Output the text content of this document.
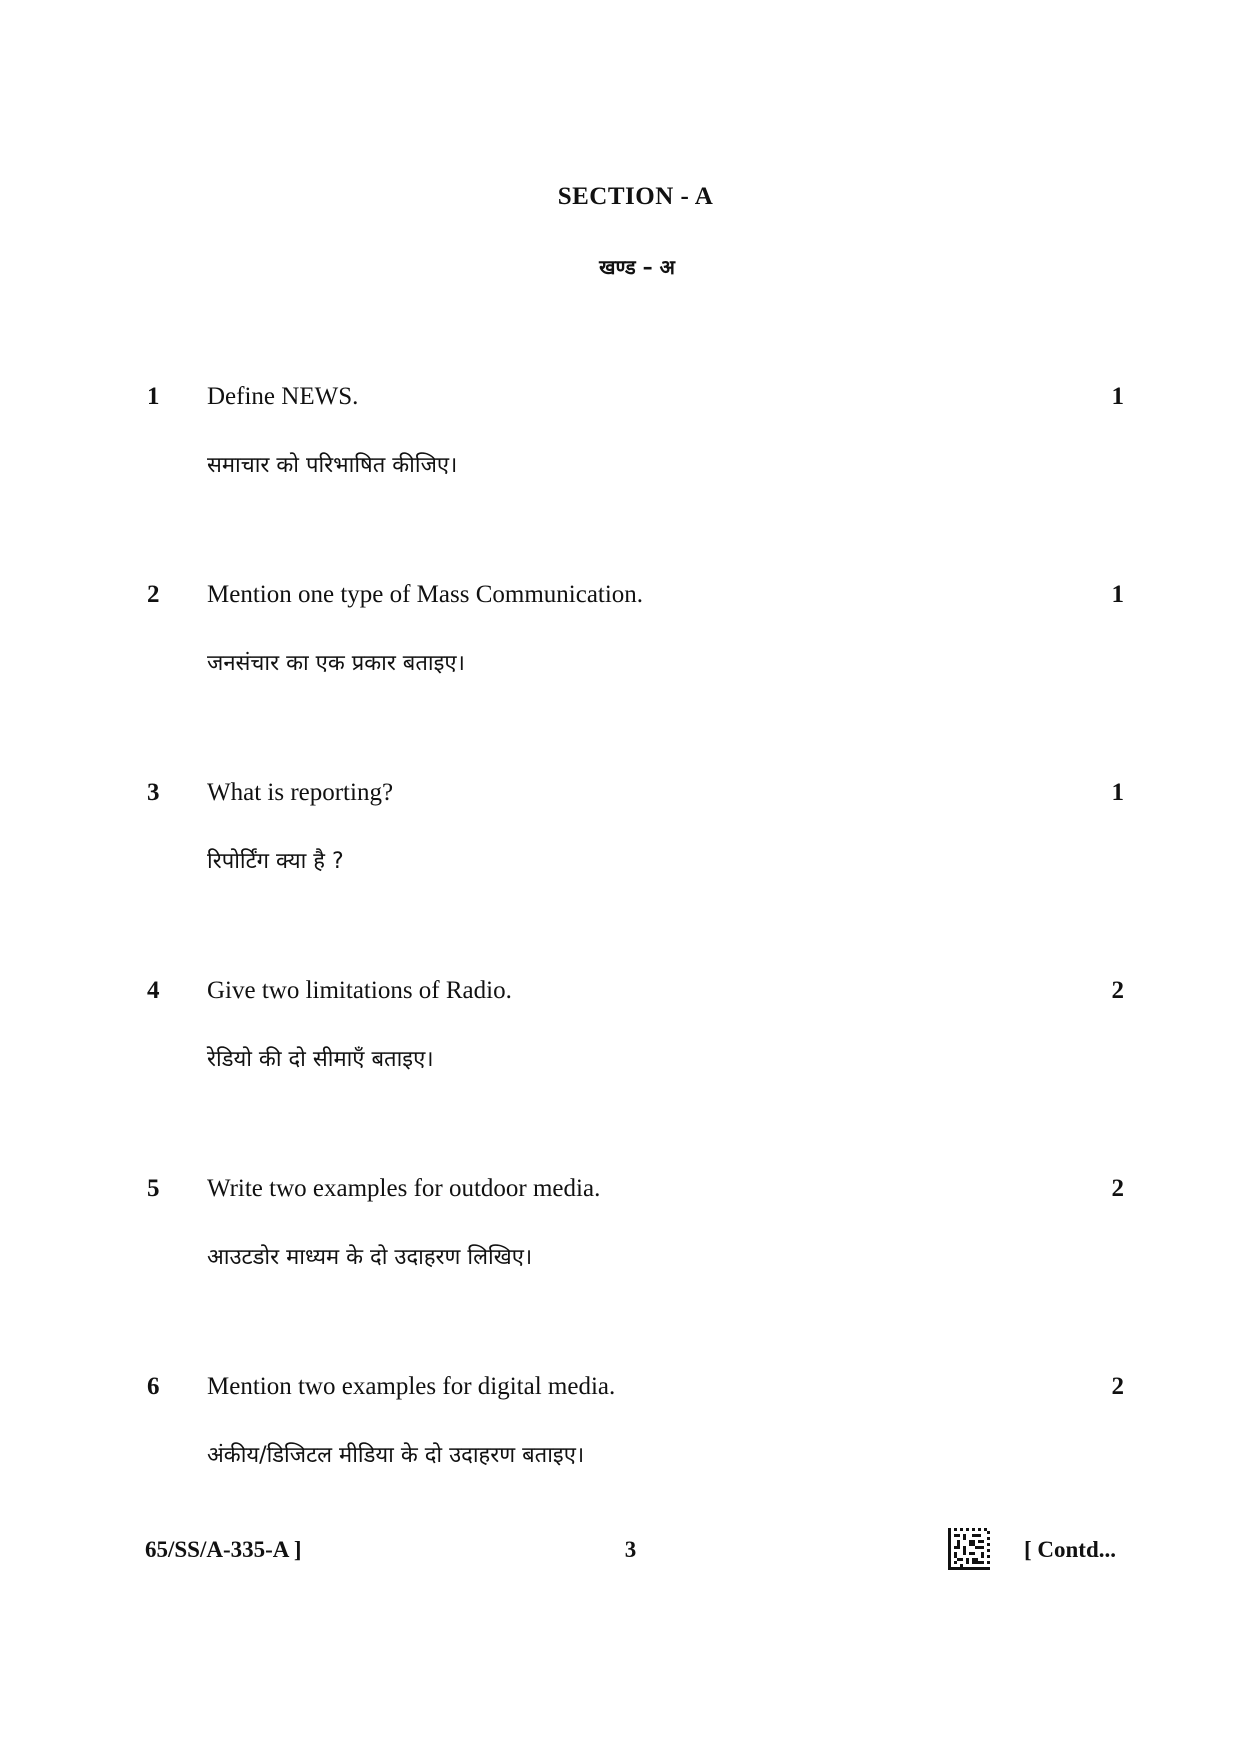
SECTION - A
खण्ड – अ
1 Define NEWS.	1
समाचार को परिभाषित कीजिए।
2 Mention one type of Mass Communication.	1
जनसंचार का एक प्रकार बताइए।
3 What is reporting?	1
रिपोर्टिंग क्या है ?
4 Give two limitations of Radio.	2
रेडियो की दो सीमाएँ बताइए।
5 Write two examples for outdoor media.	2
आउटडोर माध्यम के दो उदाहरण लिखिए।
6 Mention two examples for digital media.	2
अंकीय/डिजिटल मीडिया के दो उदाहरण बताइए।
65/SS/A-335-A ]	3	[ Contd...
